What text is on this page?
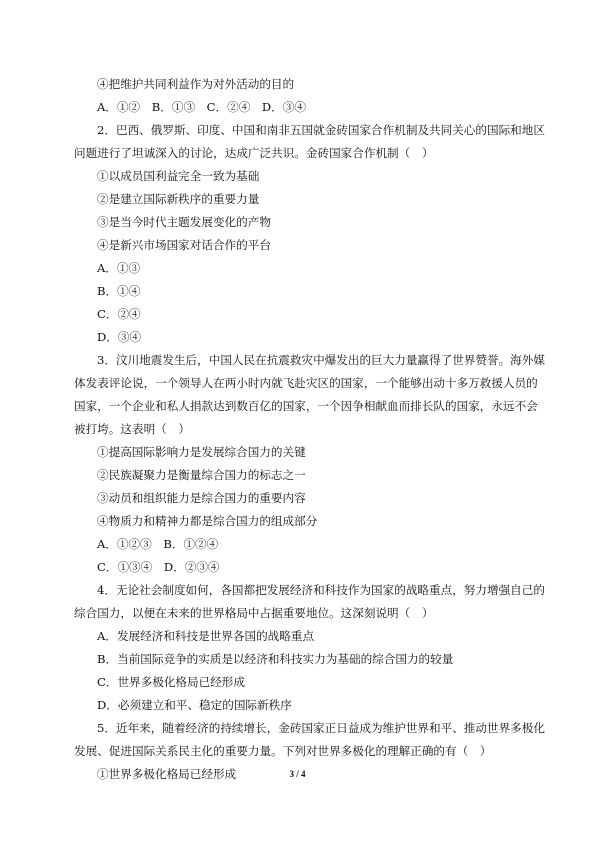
④把维护共同利益作为对外活动的目的
A．①②　B．①③　C．②④　D．③④
2．巴西、俄罗斯、印度、中国和南非五国就金砖国家合作机制及共同关心的国际和地区
问题进行了坦诚深入的讨论，达成广泛共识。金砖国家合作机制（　）
①以成员国利益完全一致为基础
②是建立国际新秩序的重要力量
③是当今时代主题发展变化的产物
④是新兴市场国家对话合作的平台
A．①③
B．①④
C．②④
D．③④
3．汶川地震发生后，中国人民在抗震救灾中爆发出的巨大力量赢得了世界赞誉。海外媒
体发表评论说，一个领导人在两小时内就飞赴灾区的国家，一个能够出动十多万救援人员的
国家，一个企业和私人捐款达到数百亿的国家，一个因争相献血而排长队的国家，永远不会
被打垮。这表明（　）
①提高国际影响力是发展综合国力的关键
②民族凝聚力是衡量综合国力的标志之一
③动员和组织能力是综合国力的重要内容
④物质力和精神力都是综合国力的组成部分
A．①②③　B．①②④
C．①③④　D．②③④
4．无论社会制度如何，各国都把发展经济和科技作为国家的战略重点，努力增强自己的
综合国力，以便在未来的世界格局中占据重要地位。这深刻说明（　）
A．发展经济和科技是世界各国的战略重点
B．当前国际竞争的实质是以经济和科技实力为基础的综合国力的较量
C．世界多极化格局已经形成
D．必须建立和平、稳定的国际新秩序
5．近年来，随着经济的持续增长，金砖国家正日益成为维护世界和平、推动世界多极化
发展、促进国际关系民主化的重要力量。下列对世界多极化的理解正确的有（　）
①世界多极化格局已经形成	3 / 4
